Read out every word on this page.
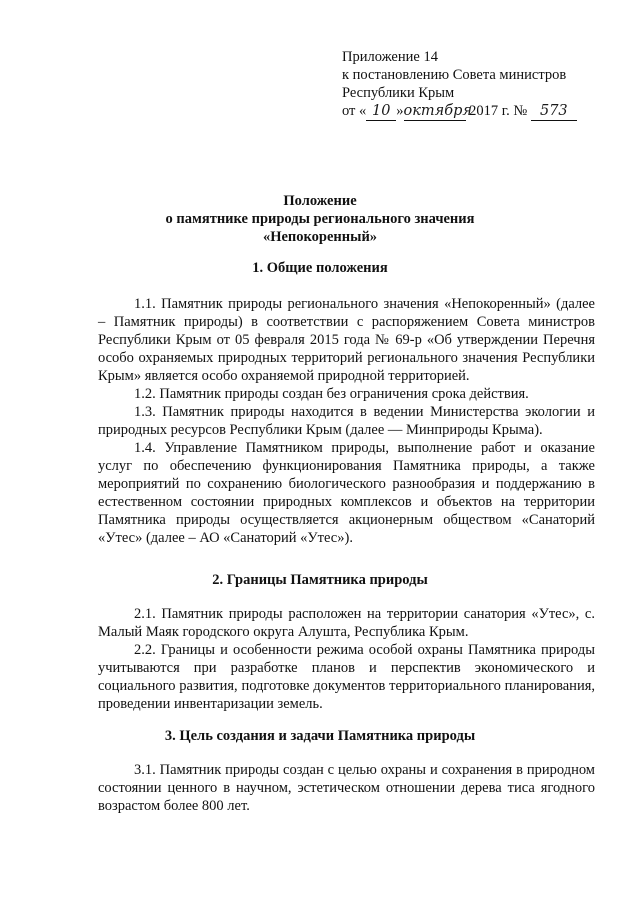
Приложение 14
к постановлению Совета министров
Республики Крым
от « 10 »октября 2017 г. № 573
Положение
о памятнике природы регионального значения
«Непокоренный»
1. Общие положения

1.1. Памятник природы регионального значения «Непокоренный» (далее – Памятник природы) в соответствии с распоряжением Совета министров Республики Крым от 05 февраля 2015 года № 69-р «Об утверждении Перечня особо охраняемых природных территорий регионального значения Республики Крым» является особо охраняемой природной территорией.

1.2. Памятник природы создан без ограничения срока действия.

1.3. Памятник природы находится в ведении Министерства экологии и природных ресурсов Республики Крым (далее — Минприроды Крыма).

1.4. Управление Памятником природы, выполнение работ и оказание услуг по обеспечению функционирования Памятника природы, а также мероприятий по сохранению биологического разнообразия и поддержанию в естественном состоянии природных комплексов и объектов на территории Памятника природы осуществляется акционерным обществом «Санаторий «Утес» (далее – АО «Санаторий «Утес»).

2. Границы Памятника природы

2.1. Памятник природы расположен на территории санатория «Утес», с. Малый Маяк городского округа Алушта, Республика Крым.

2.2. Границы и особенности режима особой охраны Памятника природы учитываются при разработке планов и перспектив экономического и социального развития, подготовке документов территориального планирования, проведении инвентаризации земель.

3. Цель создания и задачи Памятника природы

3.1. Памятник природы создан с целью охраны и сохранения в природном состоянии ценного в научном, эстетическом отношении дерева тиса ягодного возрастом более 800 лет.
